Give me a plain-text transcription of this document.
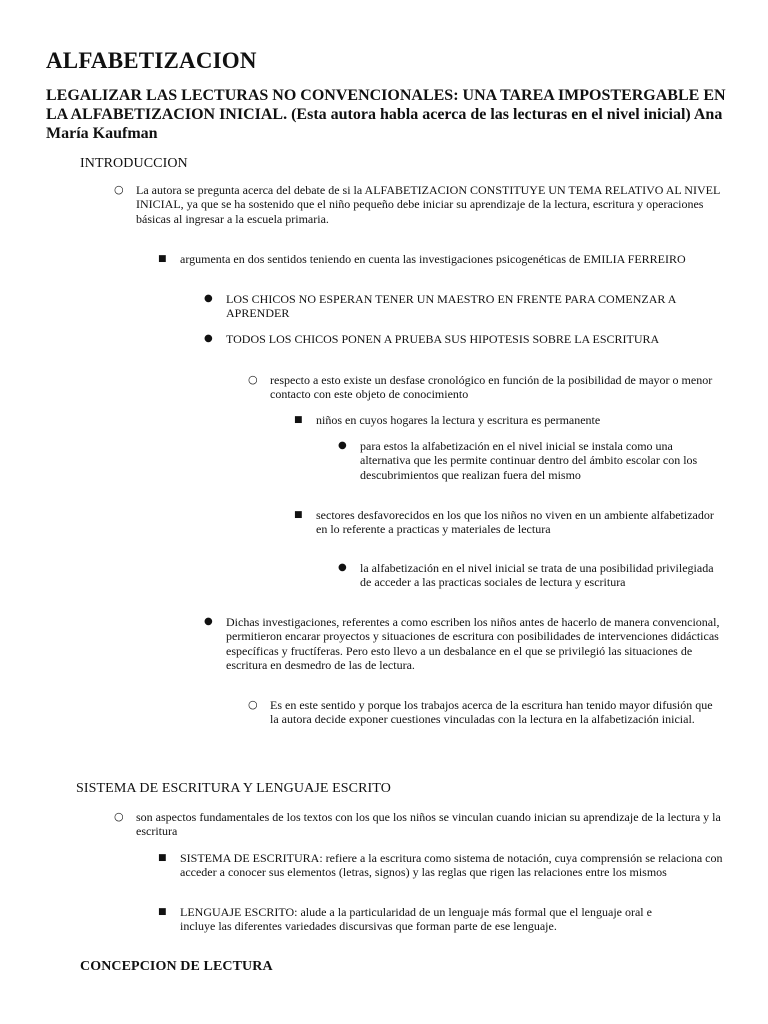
ALFABETIZACION
LEGALIZAR LAS LECTURAS NO CONVENCIONALES: UNA TAREA IMPOSTERGABLE EN LA ALFABETIZACION INICIAL. (Esta autora habla acerca de las lecturas en el nivel inicial) Ana María Kaufman
INTRODUCCION
○	La autora se pregunta acerca del debate de si la ALFABETIZACION CONSTITUYE UN TEMA RELATIVO AL NIVEL INICIAL, ya que se ha sostenido que el niño pequeño debe iniciar su aprendizaje de la lectura, escritura y operaciones básicas al ingresar a la escuela primaria.
■	argumenta en dos sentidos teniendo en cuenta las investigaciones psicogenéticas de EMILIA FERREIRO
●	LOS CHICOS NO ESPERAN TENER UN MAESTRO EN FRENTE PARA COMENZAR A APRENDER
●	TODOS LOS CHICOS PONEN A PRUEBA SUS HIPOTESIS SOBRE LA ESCRITURA
○	respecto a esto existe un desfase cronológico en función de la posibilidad de mayor o menor contacto con este objeto de conocimiento
■	niños en cuyos hogares la lectura y escritura es permanente
●	para estos la alfabetización en el nivel inicial se instala como una alternativa que les permite continuar dentro del ámbito escolar con los descubrimientos que realizan fuera del mismo
■	sectores desfavorecidos en los que los niños no viven en un ambiente alfabetizador en lo referente a practicas y materiales de lectura
●	la alfabetización en el nivel inicial se trata de una posibilidad privilegiada de acceder a las practicas sociales de lectura y escritura
●	Dichas investigaciones, referentes a como escriben los niños antes de hacerlo de manera convencional, permitieron encarar proyectos y situaciones de escritura con posibilidades de intervenciones didácticas específicas y fructíferas. Pero esto llevo a un desbalance en el que se privilegió las situaciones de escritura en desmedro de las de lectura.
○	Es en este sentido y porque los trabajos acerca de la escritura han tenido mayor difusión que la autora decide exponer cuestiones vinculadas con la lectura en la alfabetización inicial.
SISTEMA DE ESCRITURA Y LENGUAJE ESCRITO
○	son aspectos fundamentales de los textos con los que los niños se vinculan cuando inician su aprendizaje de la lectura y la escritura
■	SISTEMA DE ESCRITURA: refiere a la escritura como sistema de notación, cuya comprensión se relaciona con acceder a conocer sus elementos (letras, signos) y las reglas que rigen las relaciones entre los mismos
■	LENGUAJE ESCRITO: alude a la particularidad de un lenguaje más formal que el lenguaje oral e incluye las diferentes variedades discursivas que forman parte de ese lenguaje.
CONCEPCION DE LECTURA
